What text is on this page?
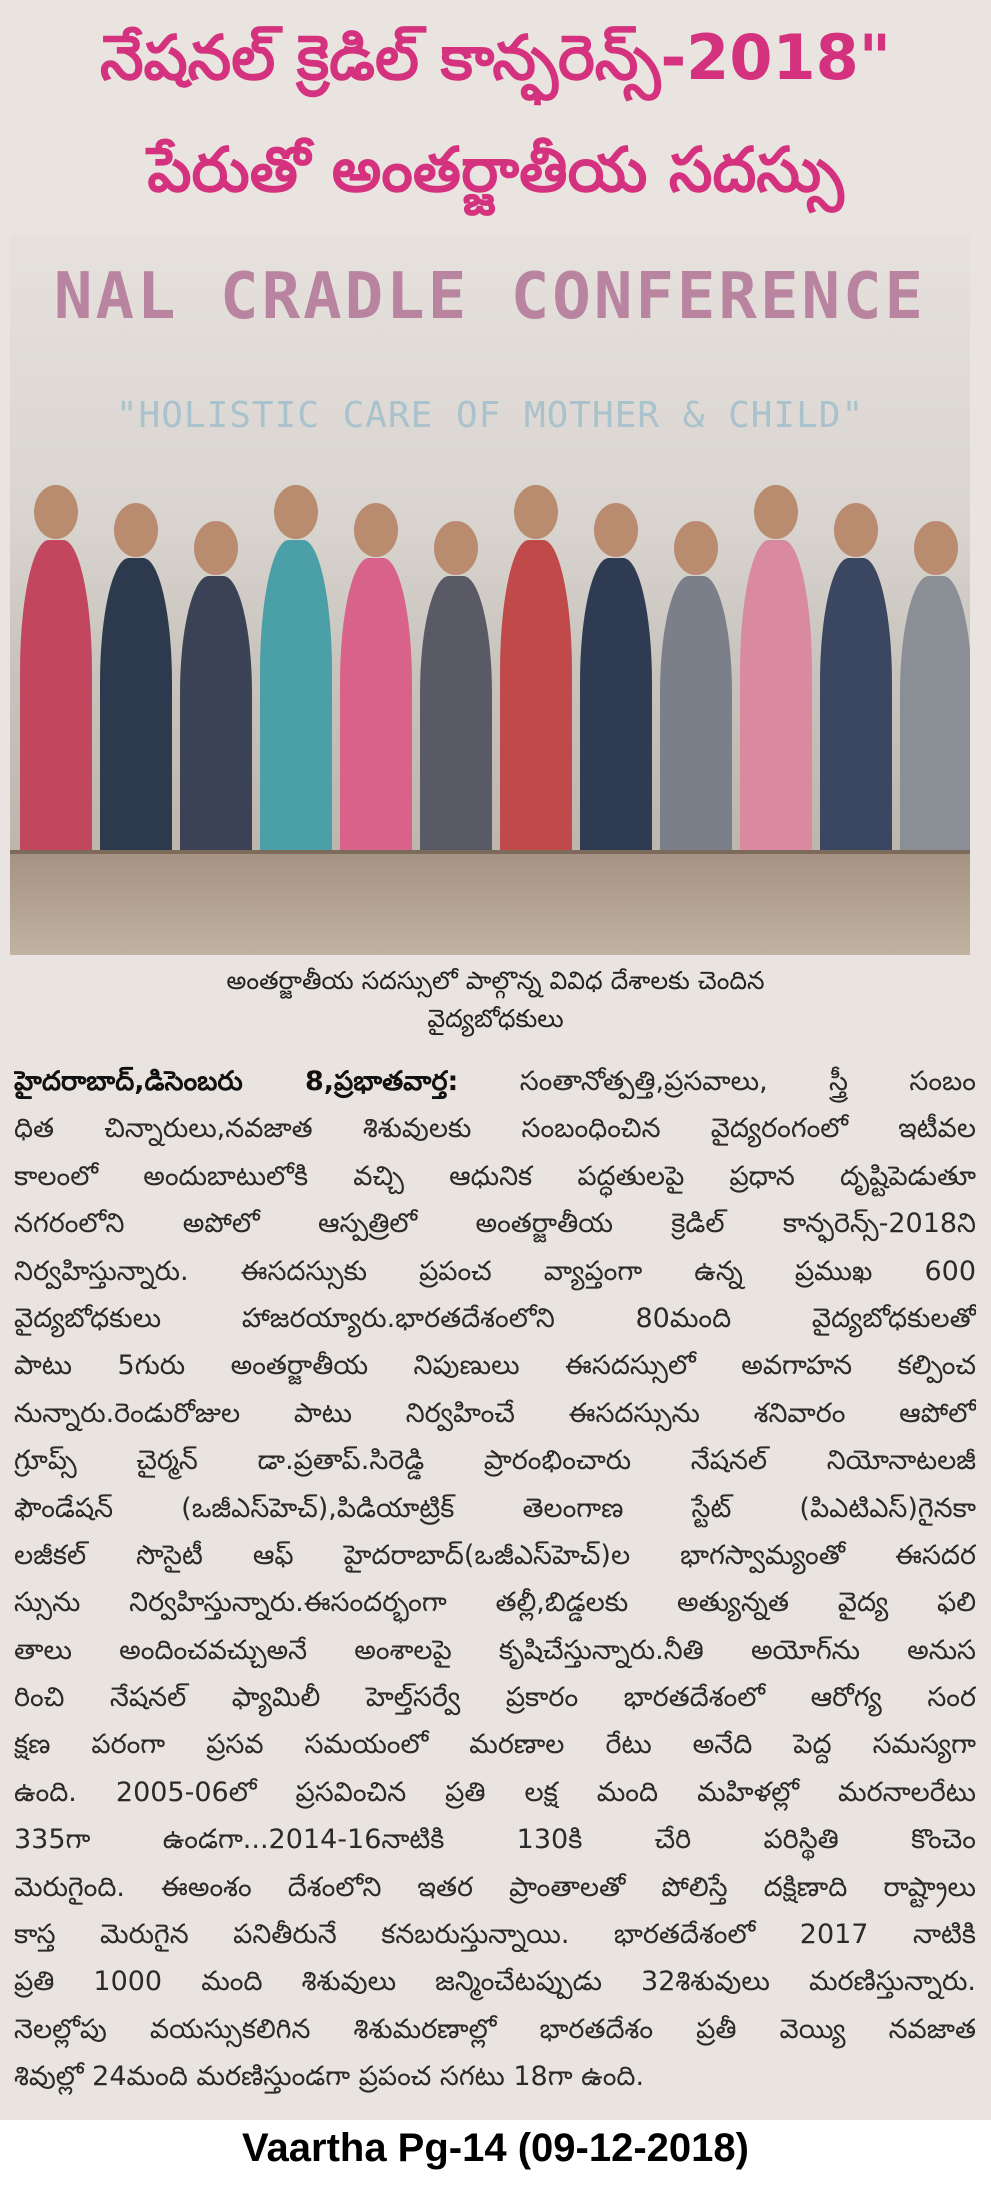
నేషనల్ క్రెడిల్ కాన్ఫరెన్స్-2018"
పేరుతో అంతర్జాతీయ సదస్సు
NAL CRADLE CONFERENCE
"HOLISTIC CARE OF MOTHER & CHILD"
అంతర్జాతీయ సదస్సులో పాల్గొన్న వివిధ దేశాలకు చెందిన
వైద్యబోధకులు
హైదరాబాద్,డిసెంబరు 8,ప్రభాతవార్త: సంతానోత్పత్తి,ప్రసవాలు, స్త్రీ సంబం
ధిత చిన్నారులు,నవజాత శిశువులకు సంబంధించిన వైద్యరంగంలో ఇటీవల
కాలంలో అందుబాటులోకి వచ్చి ఆధునిక పద్ధతులపై ప్రధాన దృష్టిపెడుతూ
నగరంలోని అపోలో ఆస్పత్రిలో అంతర్జాతీయ క్రెడిల్ కాన్ఫరెన్స్-2018ని
నిర్వహిస్తున్నారు. ఈసదస్సుకు ప్రపంచ వ్యాప్తంగా ఉన్న ప్రముఖ 600
వైద్యబోధకులు హాజరయ్యారు.భారతదేశంలోని 80మంది వైద్యబోధకులతో
పాటు 5గురు అంతర్జాతీయ నిపుణులు ఈసదస్సులో అవగాహన కల్పించ
నున్నారు.రెండురోజుల పాటు నిర్వహించే ఈసదస్సును శనివారం ఆపోలో
గ్రూప్స్ చైర్మన్ డా.ప్రతాప్.సిరెడ్డి ప్రారంభించారు నేషనల్ నియోనాటలజీ
ఫౌండేషన్ (ఒజీఎస్‌హెచ్),పిడియాట్రిక్ తెలంగాణ స్టేట్ (పిఎటిఎస్)గైనకా
లజీకల్ సొసైటీ ఆఫ్ హైదరాబాద్(ఒజీఎస్‌హెచ్)ల భాగస్వామ్యంతో ఈసదర
స్సును నిర్వహిస్తున్నారు.ఈసందర్భంగా తల్లీ,బిడ్డలకు అత్యున్నత వైద్య ఫలి
తాలు అందించవచ్చుఅనే అంశాలపై కృషిచేస్తున్నారు.నీతి అయోగ్‌ను అనుస
రించి నేషనల్ ఫ్యామిలీ హెల్త్‌సర్వే ప్రకారం భారతదేశంలో ఆరోగ్య సంర
క్షణ పరంగా ప్రసవ సమయంలో మరణాల రేటు అనేది పెద్ద సమస్యగా
ఉంది. 2005-06లో ప్రసవించిన ప్రతి లక్ష మంది మహిళల్లో మరనాలరేటు
335గా ఉండగా...2014-16నాటికి 130కి చేరి పరిస్థితి కొంచెం
మెరుగైంది. ఈఅంశం దేశంలోని ఇతర ప్రాంతాలతో పోలిస్తే దక్షిణాది రాష్ట్రాలు
కాస్త మెరుగైన పనితీరునే కనబరుస్తున్నాయి. భారతదేశంలో 2017 నాటికి
ప్రతి 1000 మంది శిశువులు జన్మించేటప్పుడు 32శిశువులు మరణిస్తున్నారు.
నెలల్లోపు వయస్సుకలిగిన శిశుమరణాల్లో భారతదేశం ప్రతీ వెయ్యి నవజాత
శివుల్లో 24మంది మరణిస్తుండగా ప్రపంచ సగటు 18గా ఉంది.
Vaartha Pg-14 (09-12-2018)
